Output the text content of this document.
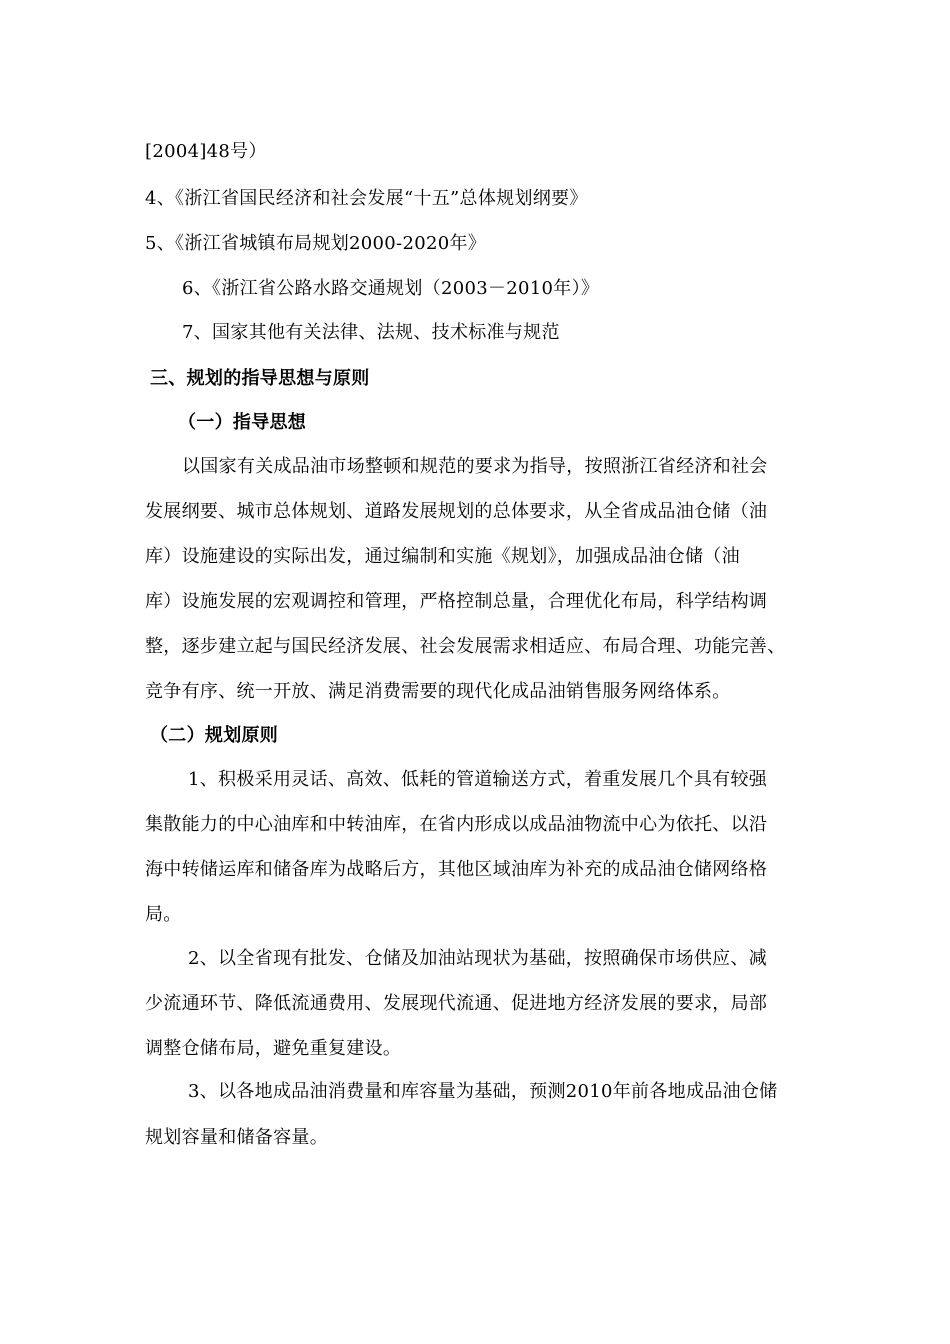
[2004]48号）
4、《浙江省国民经济和社会发展“十五”总体规划纲要》
5、《浙江省城镇布局规划2000-2020年》
6、《浙江省公路水路交通规划（2003－2010年）》
7、国家其他有关法律、法规、技术标准与规范
三、规划的指导思想与原则
（一）指导思想
以国家有关成品油市场整顿和规范的要求为指导，按照浙江省经济和社会
发展纲要、城市总体规划、道路发展规划的总体要求，从全省成品油仓储（油
库）设施建设的实际出发，通过编制和实施《规划》，加强成品油仓储（油
库）设施发展的宏观调控和管理，严格控制总量，合理优化布局，科学结构调
整，逐步建立起与国民经济发展、社会发展需求相适应、布局合理、功能完善、
竞争有序、统一开放、满足消费需要的现代化成品油销售服务网络体系。
（二）规划原则
1、积极采用灵话、高效、低耗的管道输送方式，着重发展几个具有较强
集散能力的中心油库和中转油库，在省内形成以成品油物流中心为依托、以沿
海中转储运库和储备库为战略后方，其他区域油库为补充的成品油仓储网络格
局。
2、以全省现有批发、仓储及加油站现状为基础，按照确保市场供应、减
少流通环节、降低流通费用、发展现代流通、促进地方经济发展的要求，局部
调整仓储布局，避免重复建设。
3、以各地成品油消费量和库容量为基础，预测2010年前各地成品油仓储
规划容量和储备容量。
